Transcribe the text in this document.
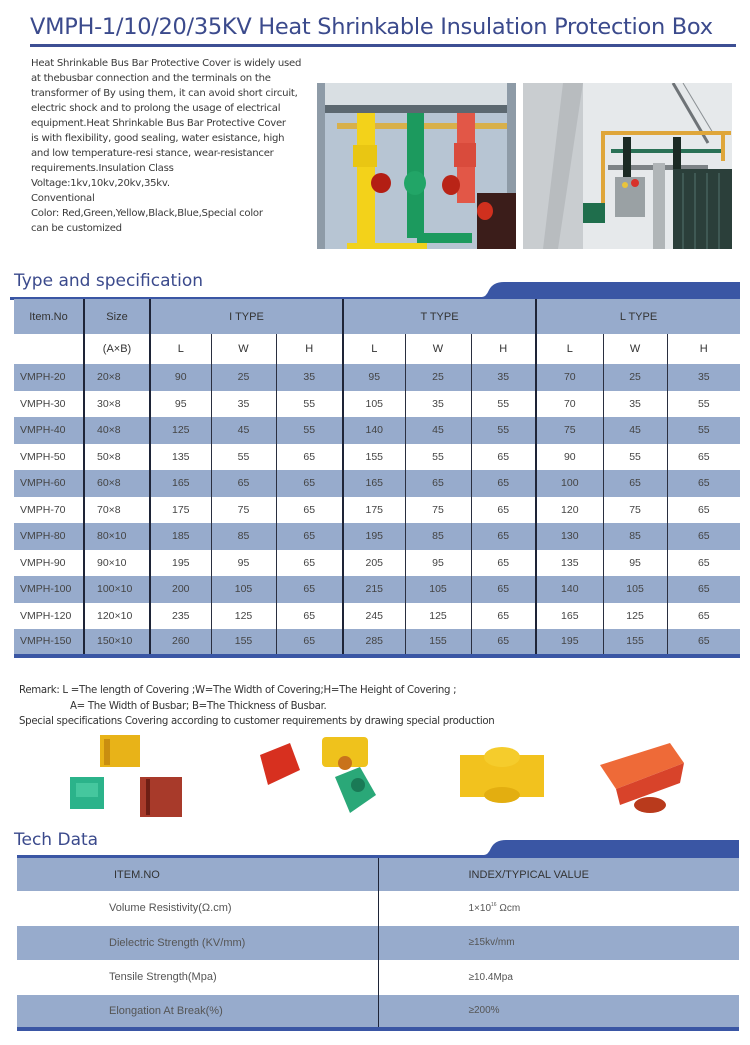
VMPH-1/10/20/35KV Heat Shrinkable Insulation Protection Box

Heat Shrinkable Bus Bar Protective Cover is widely used

at thebusbar connection and the terminals on the

transformer of By using them, it can avoid short circuit,

electric shock and to prolong the usage of electrical

equipment.Heat Shrinkable Bus Bar Protective Cover

is with flexibility, good sealing, water esistance, high

and low temperature-resi stance, wear-resistancer

requirements.Insulation Class

Voltage:1kv,10kv,20kv,35kv.

Conventional

Color: Red,Green,Yellow,Black,Blue,Special color

can be customized

Type and specification
Item.No	Size	I TYPE			T TYPE			L TYPE		
	(A×B)	L	W	H	L	W	H	L	W	H
VMPH-20	20×8	90	25	35	95	25	35	70	25	35
VMPH-30	30×8	95	35	55	105	35	55	70	35	55
VMPH-40	40×8	125	45	55	140	45	55	75	45	55
VMPH-50	50×8	135	55	65	155	55	65	90	55	65
VMPH-60	60×8	165	65	65	165	65	65	100	65	65
VMPH-70	70×8	175	75	65	175	75	65	120	75	65
VMPH-80	80×10	185	85	65	195	85	65	130	85	65
VMPH-90	90×10	195	95	65	205	95	65	135	95	65
VMPH-100	100×10	200	105	65	215	105	65	140	105	65
VMPH-120	120×10	235	125	65	245	125	65	165	125	65
VMPH-150	150×10	260	155	65	285	155	65	195	155	65
Remark: L =The length of Covering ;W=The Width of Covering;H=The Height of Covering ;
A= The Width of Busbar; B=The Thickness of Busbar.
Special specifications Covering according to customer requirements by drawing special production
Tech Data
ITEM.NO	INDEX/TYPICAL VALUE
Volume Resistivity(Ω.cm)	$1\times 10^{16}$ Ωcm
Dielectric Strength (KV/mm)	≥15kv/mm
Tensile Strength(Mpa)	≥10.4Mpa
Elongation At Break(%)	≥200%
